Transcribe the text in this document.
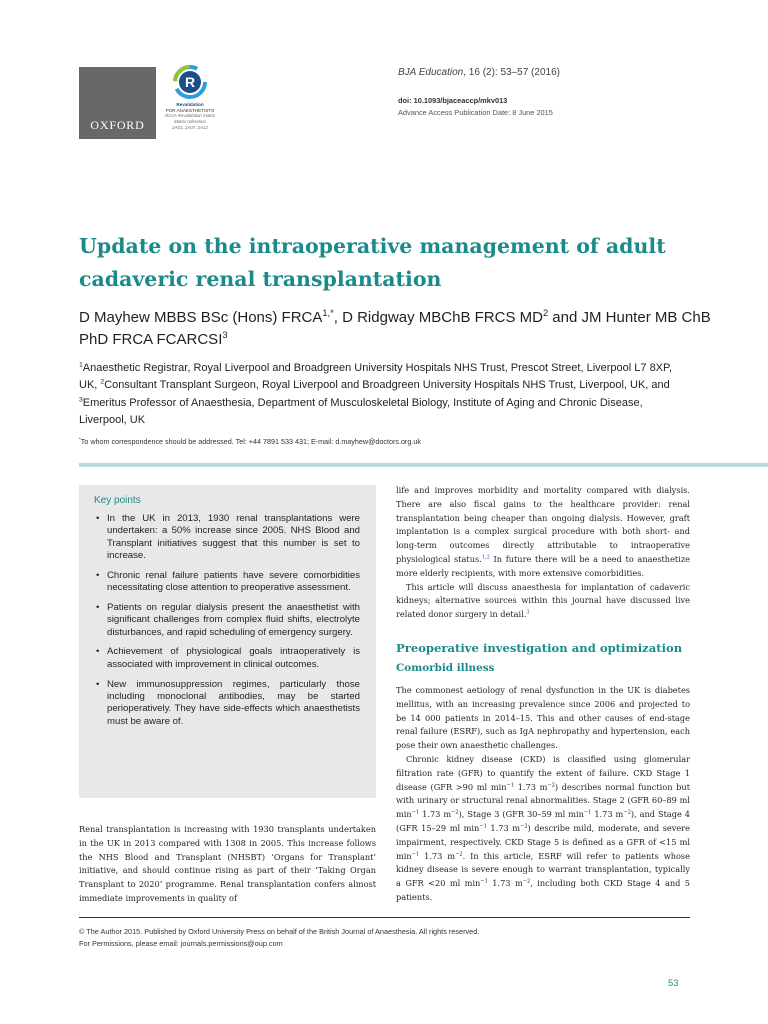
OXFORD
R
Revalidation
FOR ANAESTHETISTS
RCoA Revalidation matrix
Matrix reference
2A03, 2A07, 2A12
BJA Education, 16 (2): 53–57 (2016)
doi: 10.1093/bjaceaccp/mkv013
Advance Access Publication Date: 8 June 2015
Update on the intraoperative management of adult cadaveric renal transplantation
D Mayhew MBBS BSc (Hons) $FRCA^{1,*}$, D Ridgway MBChB FRCS $MD^2$ and JM Hunter MB ChB PhD FRCA FCARCSI$^3$
$^1$Anaesthetic Registrar, Royal Liverpool and Broadgreen University Hospitals NHS Trust, Prescot Street, Liverpool L7 8XP, UK, $^2$Consultant Transplant Surgeon, Royal Liverpool and Broadgreen University Hospitals NHS Trust, Liverpool, UK, and $^3$Emeritus Professor of Anaesthesia, Department of Musculoskeletal Biology, Institute of Aging and Chronic Disease, Liverpool, UK
*To whom correspondence should be addressed. Tel: +44 7891 533 431; E-mail: d.mayhew@doctors.org.uk
Key points
• In the UK in 2013, 1930 renal transplantations were undertaken: a 50% increase since 2005. NHS Blood and Transplant initiatives suggest that this number is set to increase.
• Chronic renal failure patients have severe comorbidities necessitating close attention to preoperative assessment.
• Patients on regular dialysis present the anaesthetist with significant challenges from complex fluid shifts, electrolyte disturbances, and rapid scheduling of emergency surgery.
• Achievement of physiological goals intraoperatively is associated with improvement in clinical outcomes.
• New immunosuppression regimes, particularly those including monoclonal antibodies, may be started perioperatively. They have side-effects which anaesthetists must be aware of.

Renal transplantation is increasing with 1930 transplants undertaken in the UK in 2013 compared with 1308 in 2005. This increase follows the NHS Blood and Transplant (NHSBT) ‘Organs for Transplant’ initiative, and should continue rising as part of their ‘Taking Organ Transplant to 2020’ programme. Renal transplantation confers almost immediate improvements in quality of

life and improves morbidity and mortality compared with dialysis. There are also fiscal gains to the healthcare provider: renal transplantation being cheaper than ongoing dialysis. However, graft implantation is a complex surgical procedure with both short- and long-term outcomes directly attributable to intraoperative physiological status.$^{1,2}$ In future there will be a need to anaesthetize more elderly recipients, with more extensive comorbidities.

This article will discuss anaesthesia for implantation of cadaveric kidneys; alternative sources within this journal have discussed live related donor surgery in detail.$^3$

Preoperative investigation and optimization
Comorbid illness

The commonest aetiology of renal dysfunction in the UK is diabetes mellitus, with an increasing prevalence since 2006 and projected to be 14 000 patients in 2014–15. This and other causes of end-stage renal failure (ESRF), such as IgA nephropathy and hypertension, each pose their own anaesthetic challenges.

Chronic kidney disease (CKD) is classified using glomerular filtration rate (GFR) to quantify the extent of failure. CKD Stage 1 disease (GFR >90 ml $\min^{-1} 1.73$ $m^{-2}$) describes normal function but with urinary or structural renal abnormalities. Stage 2 (GFR 60–89 ml $\min^{-1} 1.73$ $m^{-2}$), Stage 3 (GFR 30–59 ml $\min^{-1} 1.73$ $m^{-2}$), and Stage 4 (GFR 15–29 ml $\min^{-1} 1.73$ $m^{-2}$) describe mild, moderate, and severe impairment, respectively. CKD Stage 5 is defined as a GFR of <15 ml $\min^{-1} 1.73$ $m^{-2}$. In this article, ESRF will refer to patients whose kidney disease is severe enough to warrant transplantation, typically a GFR <20 ml $\min^{-1} 1.73$ $m^{-2}$, including both CKD Stage 4 and 5 patients.

© The Author 2015. Published by Oxford University Press on behalf of the British Journal of Anaesthesia. All rights reserved.
For Permissions, please email: journals.permissions@oup.com
53
